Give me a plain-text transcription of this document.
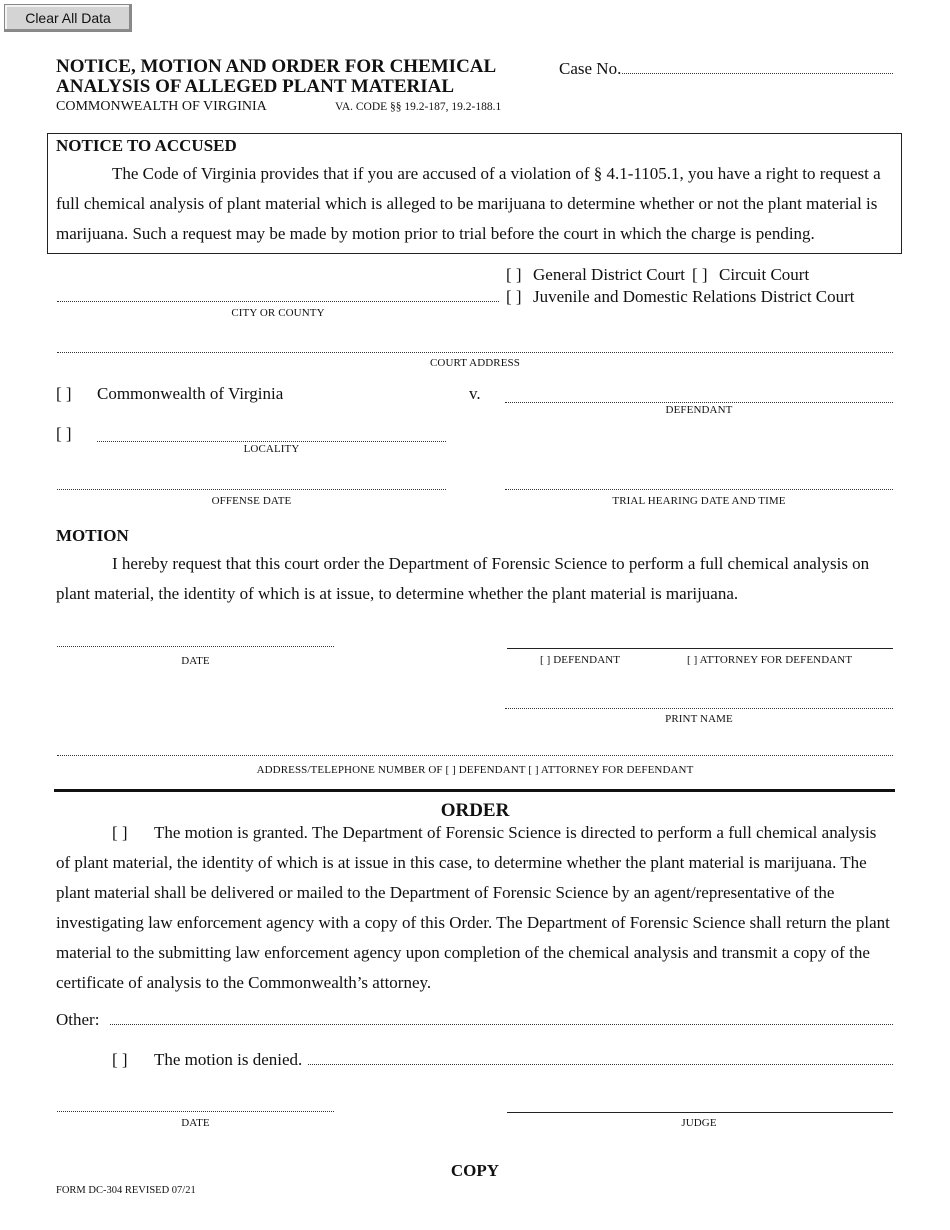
Clear All Data
NOTICE, MOTION AND ORDER FOR CHEMICAL
ANALYSIS OF ALLEGED PLANT MATERIAL
COMMONWEALTH OF VIRGINIA	VA. CODE §§ 19.2-187, 19.2-188.1
Case No.
NOTICE TO ACCUSED
The Code of Virginia provides that if you are accused of a violation of § 4.1-1105.1, you have a right to request a full chemical analysis of plant material which is alleged to be marijuana to determine whether or not the plant material is marijuana. Such a request may be made by motion prior to trial before the court in which the charge is pending.
[ ] General District Court [ ] Circuit Court
[ ] Juvenile and Domestic Relations District Court
CITY OR COUNTY
COURT ADDRESS
[ ] Commonwealth of Virginia	v.
DEFENDANT
[ ]
LOCALITY
OFFENSE DATE	TRIAL HEARING DATE AND TIME
MOTION
I hereby request that this court order the Department of Forensic Science to perform a full chemical analysis on plant material, the identity of which is at issue, to determine whether the plant material is marijuana.
DATE	[ ] DEFENDANT	[ ] ATTORNEY FOR DEFENDANT
PRINT NAME
ADDRESS/TELEPHONE NUMBER OF [ ] DEFENDANT [ ] ATTORNEY FOR DEFENDANT
ORDER
[ ]	The motion is granted. The Department of Forensic Science is directed to perform a full chemical analysis of plant material, the identity of which is at issue in this case, to determine whether the plant material is marijuana. The plant material shall be delivered or mailed to the Department of Forensic Science by an agent/representative of the investigating law enforcement agency with a copy of this Order. The Department of Forensic Science shall return the plant material to the submitting law enforcement agency upon completion of the chemical analysis and transmit a copy of the certificate of analysis to the Commonwealth’s attorney.
Other:
[ ] The motion is denied.
DATE	JUDGE
COPY
FORM DC-304 REVISED 07/21
